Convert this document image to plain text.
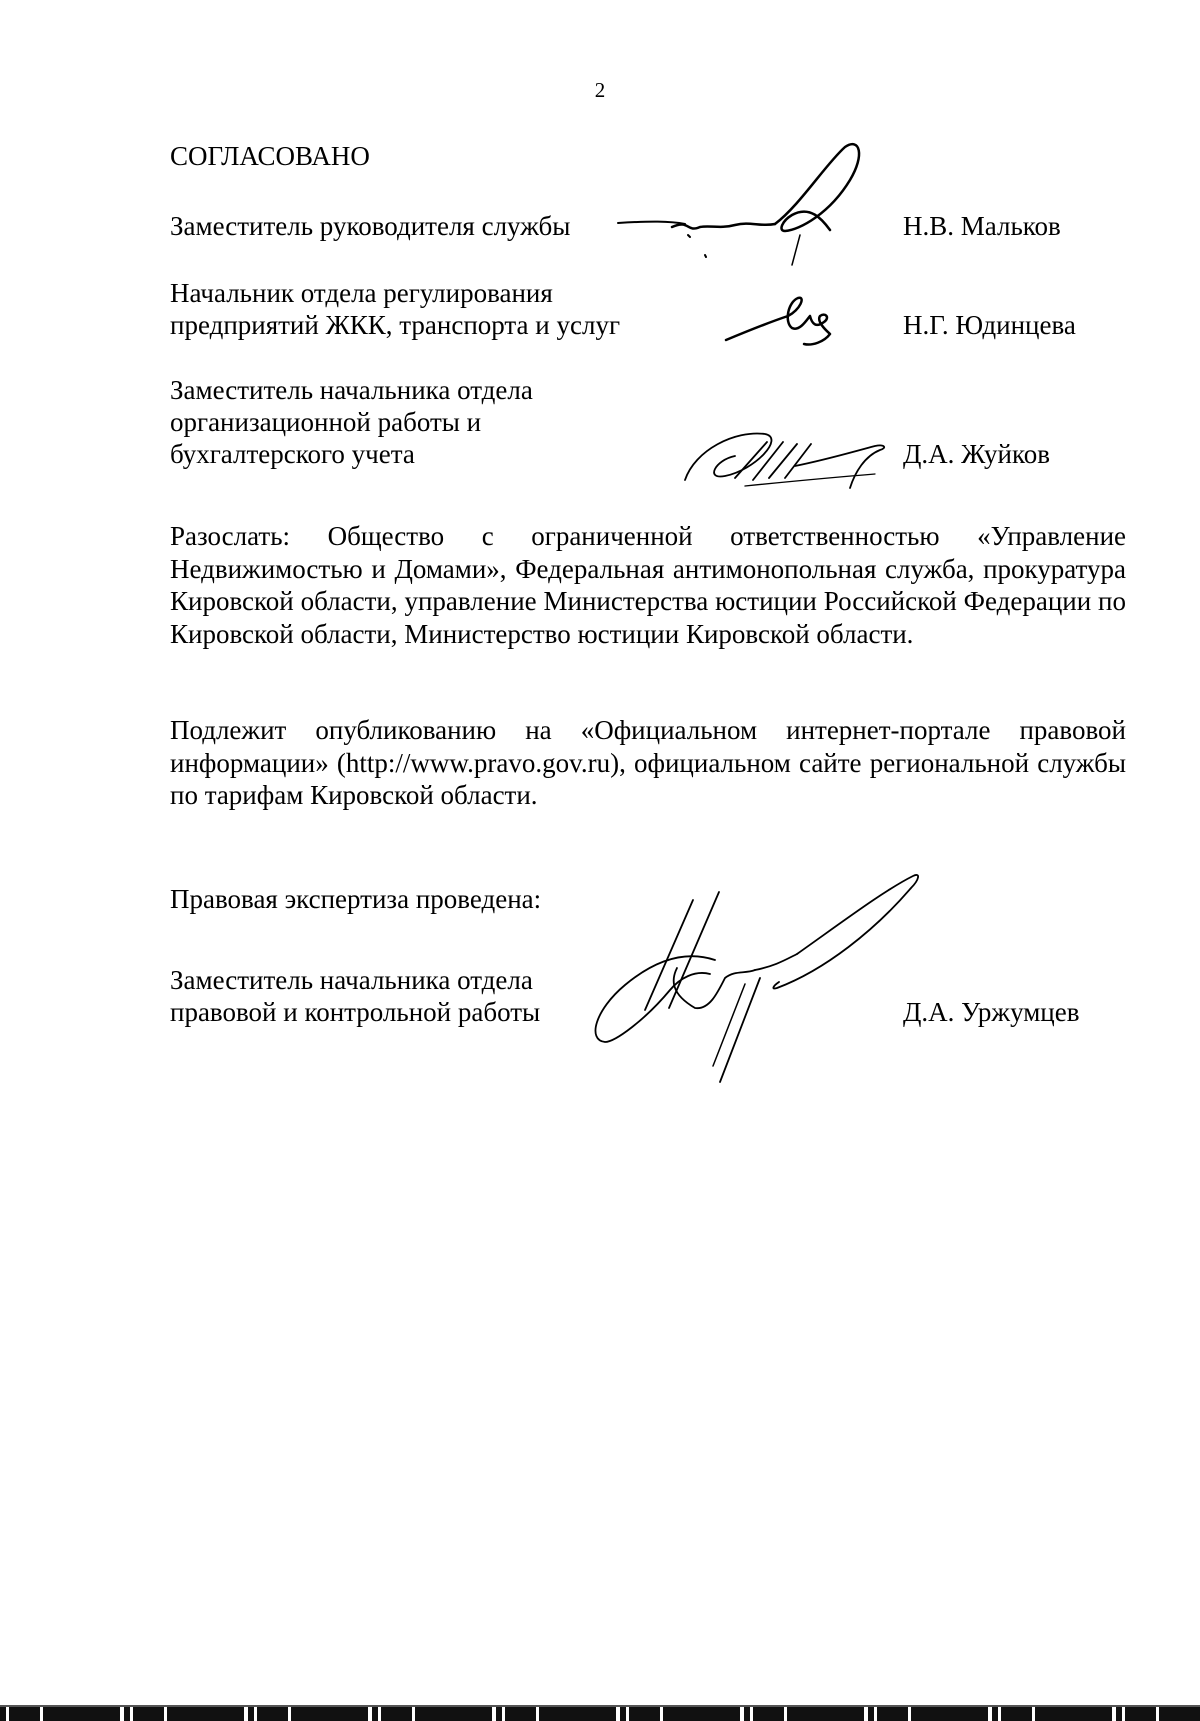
2
СОГЛАСОВАНО
Заместитель руководителя службы	Н.В. Мальков
Начальник отдела регулирования
предприятий ЖКК, транспорта и услуг	Н.Г. Юдинцева
Заместитель начальника отдела
организационной работы и
бухгалтерского учета	Д.А. Жуйков
Разослать: Общество с ограниченной ответственностью «Управление Недвижимостью и Домами», Федеральная антимонопольная служба, прокуратура Кировской области, управление Министерства юстиции Российской Федерации по Кировской области, Министерство юстиции Кировской области.
Подлежит опубликованию на «Официальном интернет-портале правовой информации» (http://www.pravo.gov.ru), официальном сайте региональной службы по тарифам Кировской области.
Правовая экспертиза проведена:
Заместитель начальника отдела
правовой и контрольной работы	Д.А. Уржумцев
